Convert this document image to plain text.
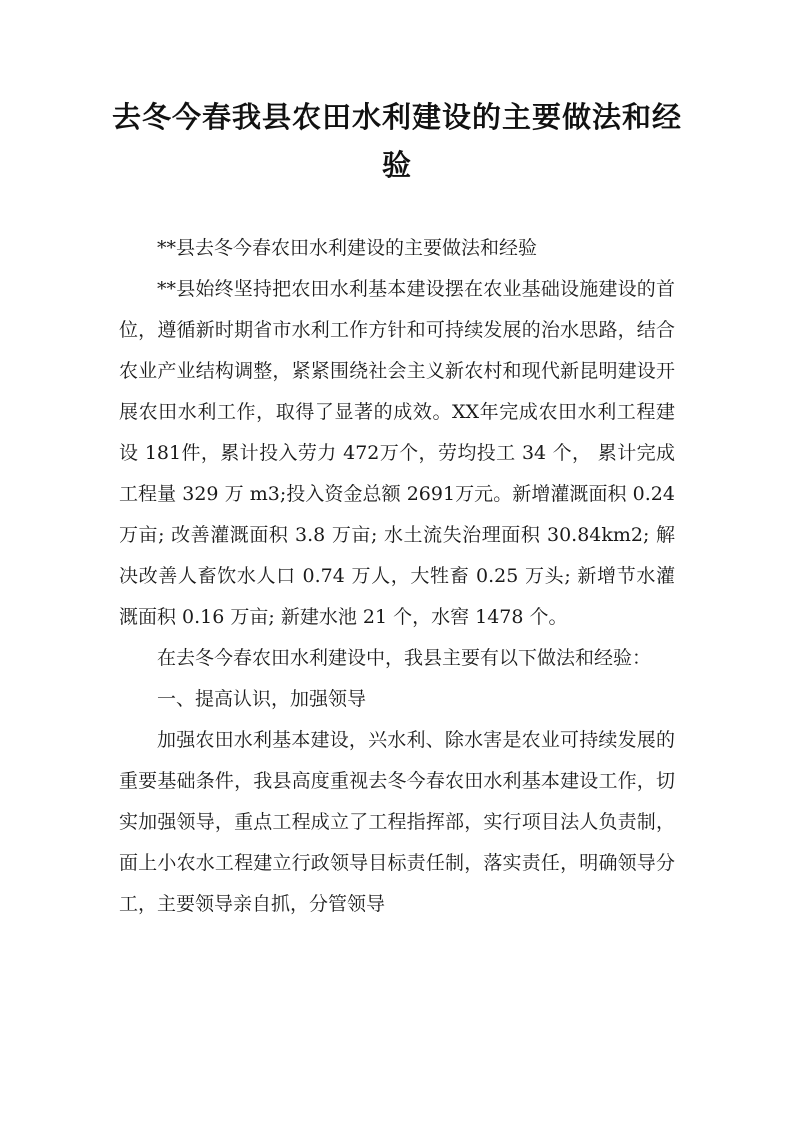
去冬今春我县农田水利建设的主要做法和经验

**县去冬今春农田水利建设的主要做法和经验

**县始终坚持把农田水利基本建设摆在农业基础设施建设的首位，遵循新时期省市水利工作方针和可持续发展的治水思路，结合农业产业结构调整，紧紧围绕社会主义新农村和现代新昆明建设开展农田水利工作，取得了显著的成效。XX年完成农田水利工程建设 181件，累计投入劳力 472万个，劳均投工 34 个， 累计完成工程量 329 万 m3;投入资金总额 2691万元。新增灌溉面积 0.24 万亩; 改善灌溉面积 3.8 万亩; 水土流失治理面积 30.84km2; 解决改善人畜饮水人口 0.74 万人，大牲畜 0.25 万头; 新增节水灌溉面积 0.16 万亩; 新建水池 21 个，水窖 1478 个。

在去冬今春农田水利建设中，我县主要有以下做法和经验：

一、提高认识，加强领导

加强农田水利基本建设，兴水利、除水害是农业可持续发展的重要基础条件，我县高度重视去冬今春农田水利基本建设工作，切实加强领导，重点工程成立了工程指挥部，实行项目法人负责制，面上小农水工程建立行政领导目标责任制，落实责任，明确领导分工，主要领导亲自抓，分管领导
